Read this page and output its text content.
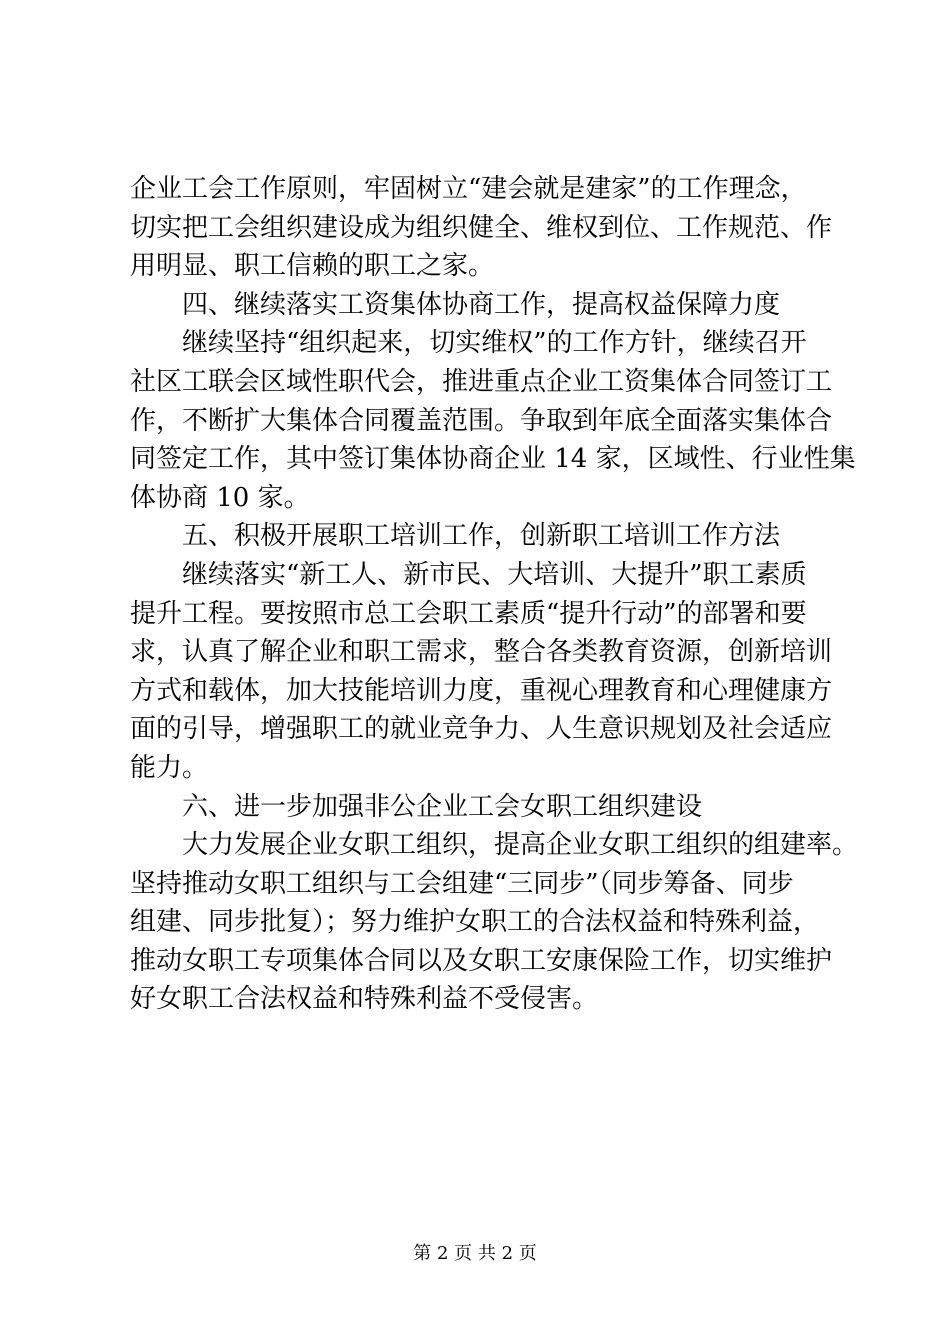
企业工会工作原则，牢固树立“建会就是建家”的工作理念，
切实把工会组织建设成为组织健全、维权到位、工作规范、作
用明显、职工信赖的职工之家。
四、继续落实工资集体协商工作，提高权益保障力度
继续坚持“组织起来，切实维权”的工作方针，继续召开
社区工联会区域性职代会，推进重点企业工资集体合同签订工
作，不断扩大集体合同覆盖范围。争取到年底全面落实集体合
同签定工作，其中签订集体协商企业 14 家，区域性、行业性集
体协商 10 家。
五、积极开展职工培训工作，创新职工培训工作方法
继续落实“新工人、新市民、大培训、大提升”职工素质
提升工程。要按照市总工会职工素质“提升行动”的部署和要
求，认真了解企业和职工需求，整合各类教育资源，创新培训
方式和载体，加大技能培训力度，重视心理教育和心理健康方
面的引导，增强职工的就业竞争力、人生意识规划及社会适应
能力。
六、进一步加强非公企业工会女职工组织建设
大力发展企业女职工组织，提高企业女职工组织的组建率。
坚持推动女职工组织与工会组建“三同步”（同步筹备、同步
组建、同步批复）；努力维护女职工的合法权益和特殊利益，
推动女职工专项集体合同以及女职工安康保险工作，切实维护
好女职工合法权益和特殊利益不受侵害。
第 2 页 共 2 页
